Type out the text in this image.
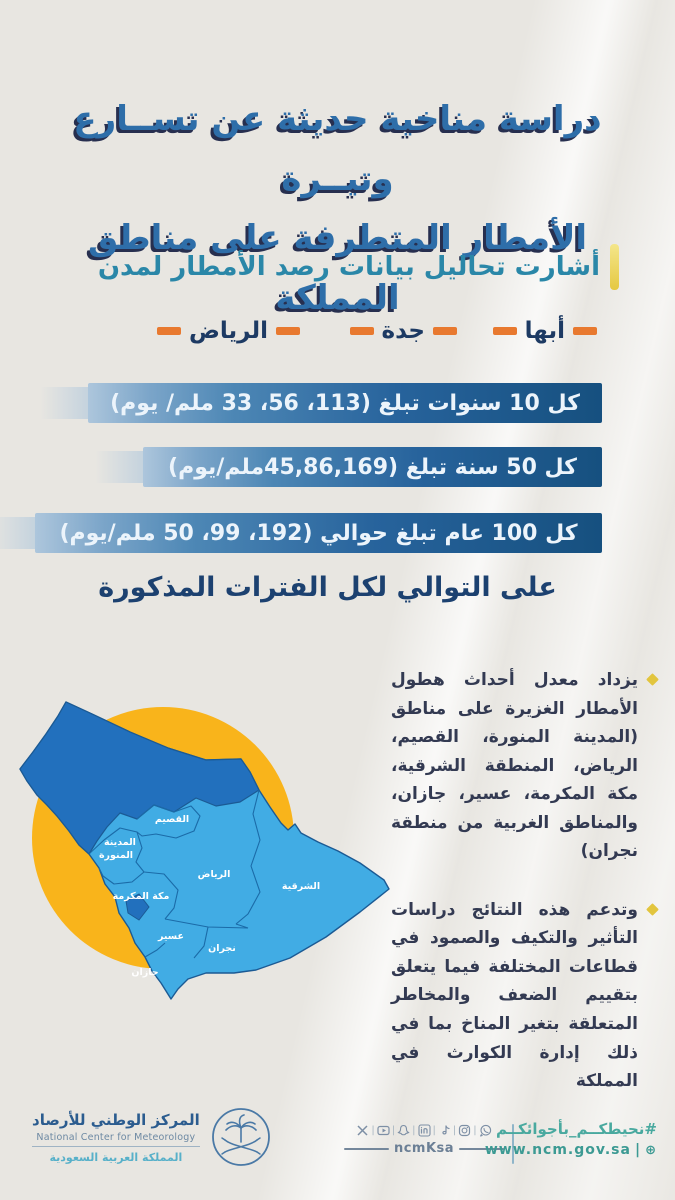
دراسة مناخية حديثة عن تســارع وتيــرة
الأمطار المتطرفة على مناطق المملكة
أشارت تحاليل بيانات رصد الأمطار لمدن
أبها
جدة
الرياض
كل 10 سنوات تبلغ (113، 56، 33 ملم/ يوم)
كل 50 سنة تبلغ (45,86,169ملم/يوم)
كل 100 عام تبلغ حوالي (192، 99، 50 ملم/يوم)
على التوالي لكل الفترات المذكورة
القصيم
المدينة
المنورة
الرياض
الشرقية
مكة المكرمة
عسير
نجران
جازان
يزداد معدل أحداث هطول الأمطار الغزيرة على مناطق (المدينة المنورة، القصيم، الرياض، المنطقة الشرقية، مكة المكرمة، عسير، جازان، والمناطق الغربية من منطقة نجران)
وتدعم هذه النتائج دراسات التأثير والتكيف والصمود في قطاعات المختلفة فيما يتعلق بتقييم الضعف والمخاطر المتعلقة بتغير المناخ بما في ذلك إدارة الكوارث في المملكة
المركز الوطني للأرصاد
National Center for Meteorology
المملكة العربية السعودية
| | | | | |
ncmKsa
#نحيطكــم_بأجوائكــم
www.ncm.gov.sa | ⊕
